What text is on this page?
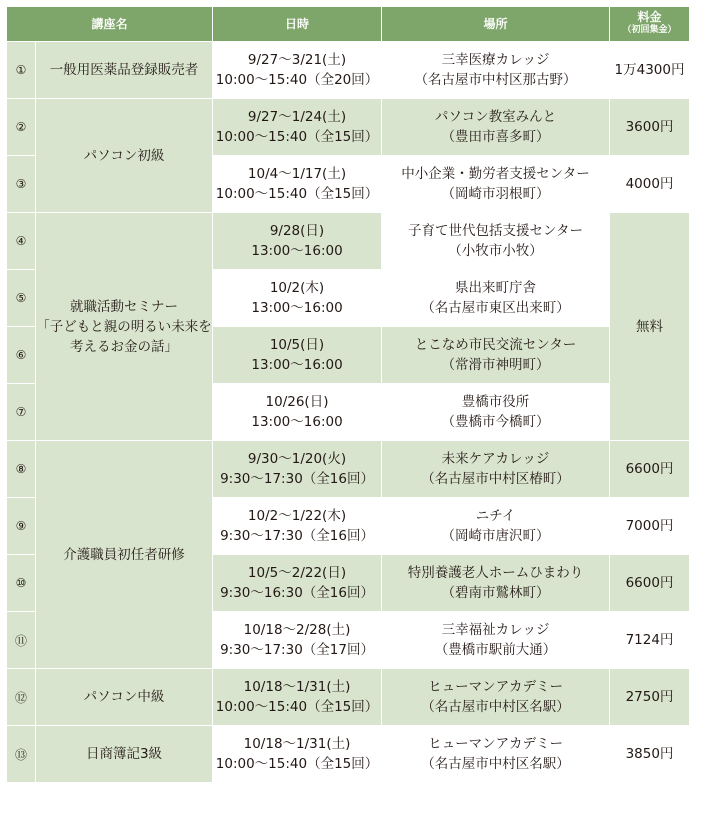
講座名		日時	場所	料金
（初回集金）

①	一般用医薬品登録販売者	9/27〜3/21(土)
10:00〜15:40（全20回）	三幸医療カレッジ
（名古屋市中村区那古野）	1万4300円
②	パソコン初級	9/27〜1/24(土)
10:00〜15:40（全15回）	パソコン教室みんと
（豊田市喜多町）	3600円
③		10/4〜1/17(土)
10:00〜15:40（全15回）	中小企業・勤労者支援センター
（岡崎市羽根町）	4000円
④	就職活動セミナー
「子どもと親の明るい未来を
考えるお金の話」	9/28(日)
13:00〜16:00	子育て世代包括支援センター
（小牧市小牧）	無料
⑤		10/2(木)
13:00〜16:00	県出来町庁舎
（名古屋市東区出来町）	

⑥		10/5(日)
13:00〜16:00	とこなめ市民交流センター
（常滑市神明町）	

⑦		10/26(日)
13:00〜16:00	豊橋市役所
（豊橋市今橋町）	

⑧	介護職員初任者研修	9/30〜1/20(火)
9:30〜17:30（全16回）	未来ケアカレッジ
（名古屋市中村区椿町）	6600円
⑨		10/2〜1/22(木)
9:30〜17:30（全16回）	ニチイ
（岡崎市唐沢町）	7000円
⑩		10/5〜2/22(日)
9:30〜16:30（全16回）	特別養護老人ホームひまわり
（碧南市鷲林町）	6600円
⑪		10/18〜2/28(土)
9:30〜17:30（全17回）	三幸福祉カレッジ
（豊橋市駅前大通）	7124円
⑫	パソコン中級	10/18〜1/31(土)
10:00〜15:40（全15回）	ヒューマンアカデミー
（名古屋市中村区名駅）	2750円
⑬	日商簿記3級	10/18〜1/31(土)
10:00〜15:40（全15回）	ヒューマンアカデミー
（名古屋市中村区名駅）	3850円
